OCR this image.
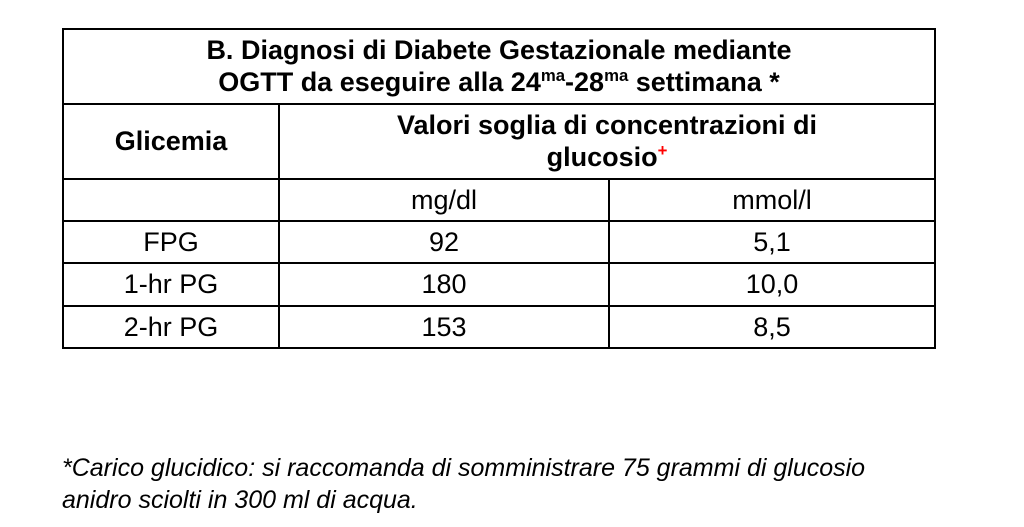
B. Diagnosi di Diabete Gestazionale mediante
OGTT da eseguire alla $24^{ma}-28^{ma}$ settimana *		
Glicemia	Valori soglia di concentrazioni di
glucosio+
	mg/dl	mmol/l
FPG	92	5,1
1-hr PG	180	10,0
2-hr PG	153	8,5
*Carico glucidico: si raccomanda di somministrare 75 grammi di glucosio
anidro sciolti in 300 ml di acqua.
